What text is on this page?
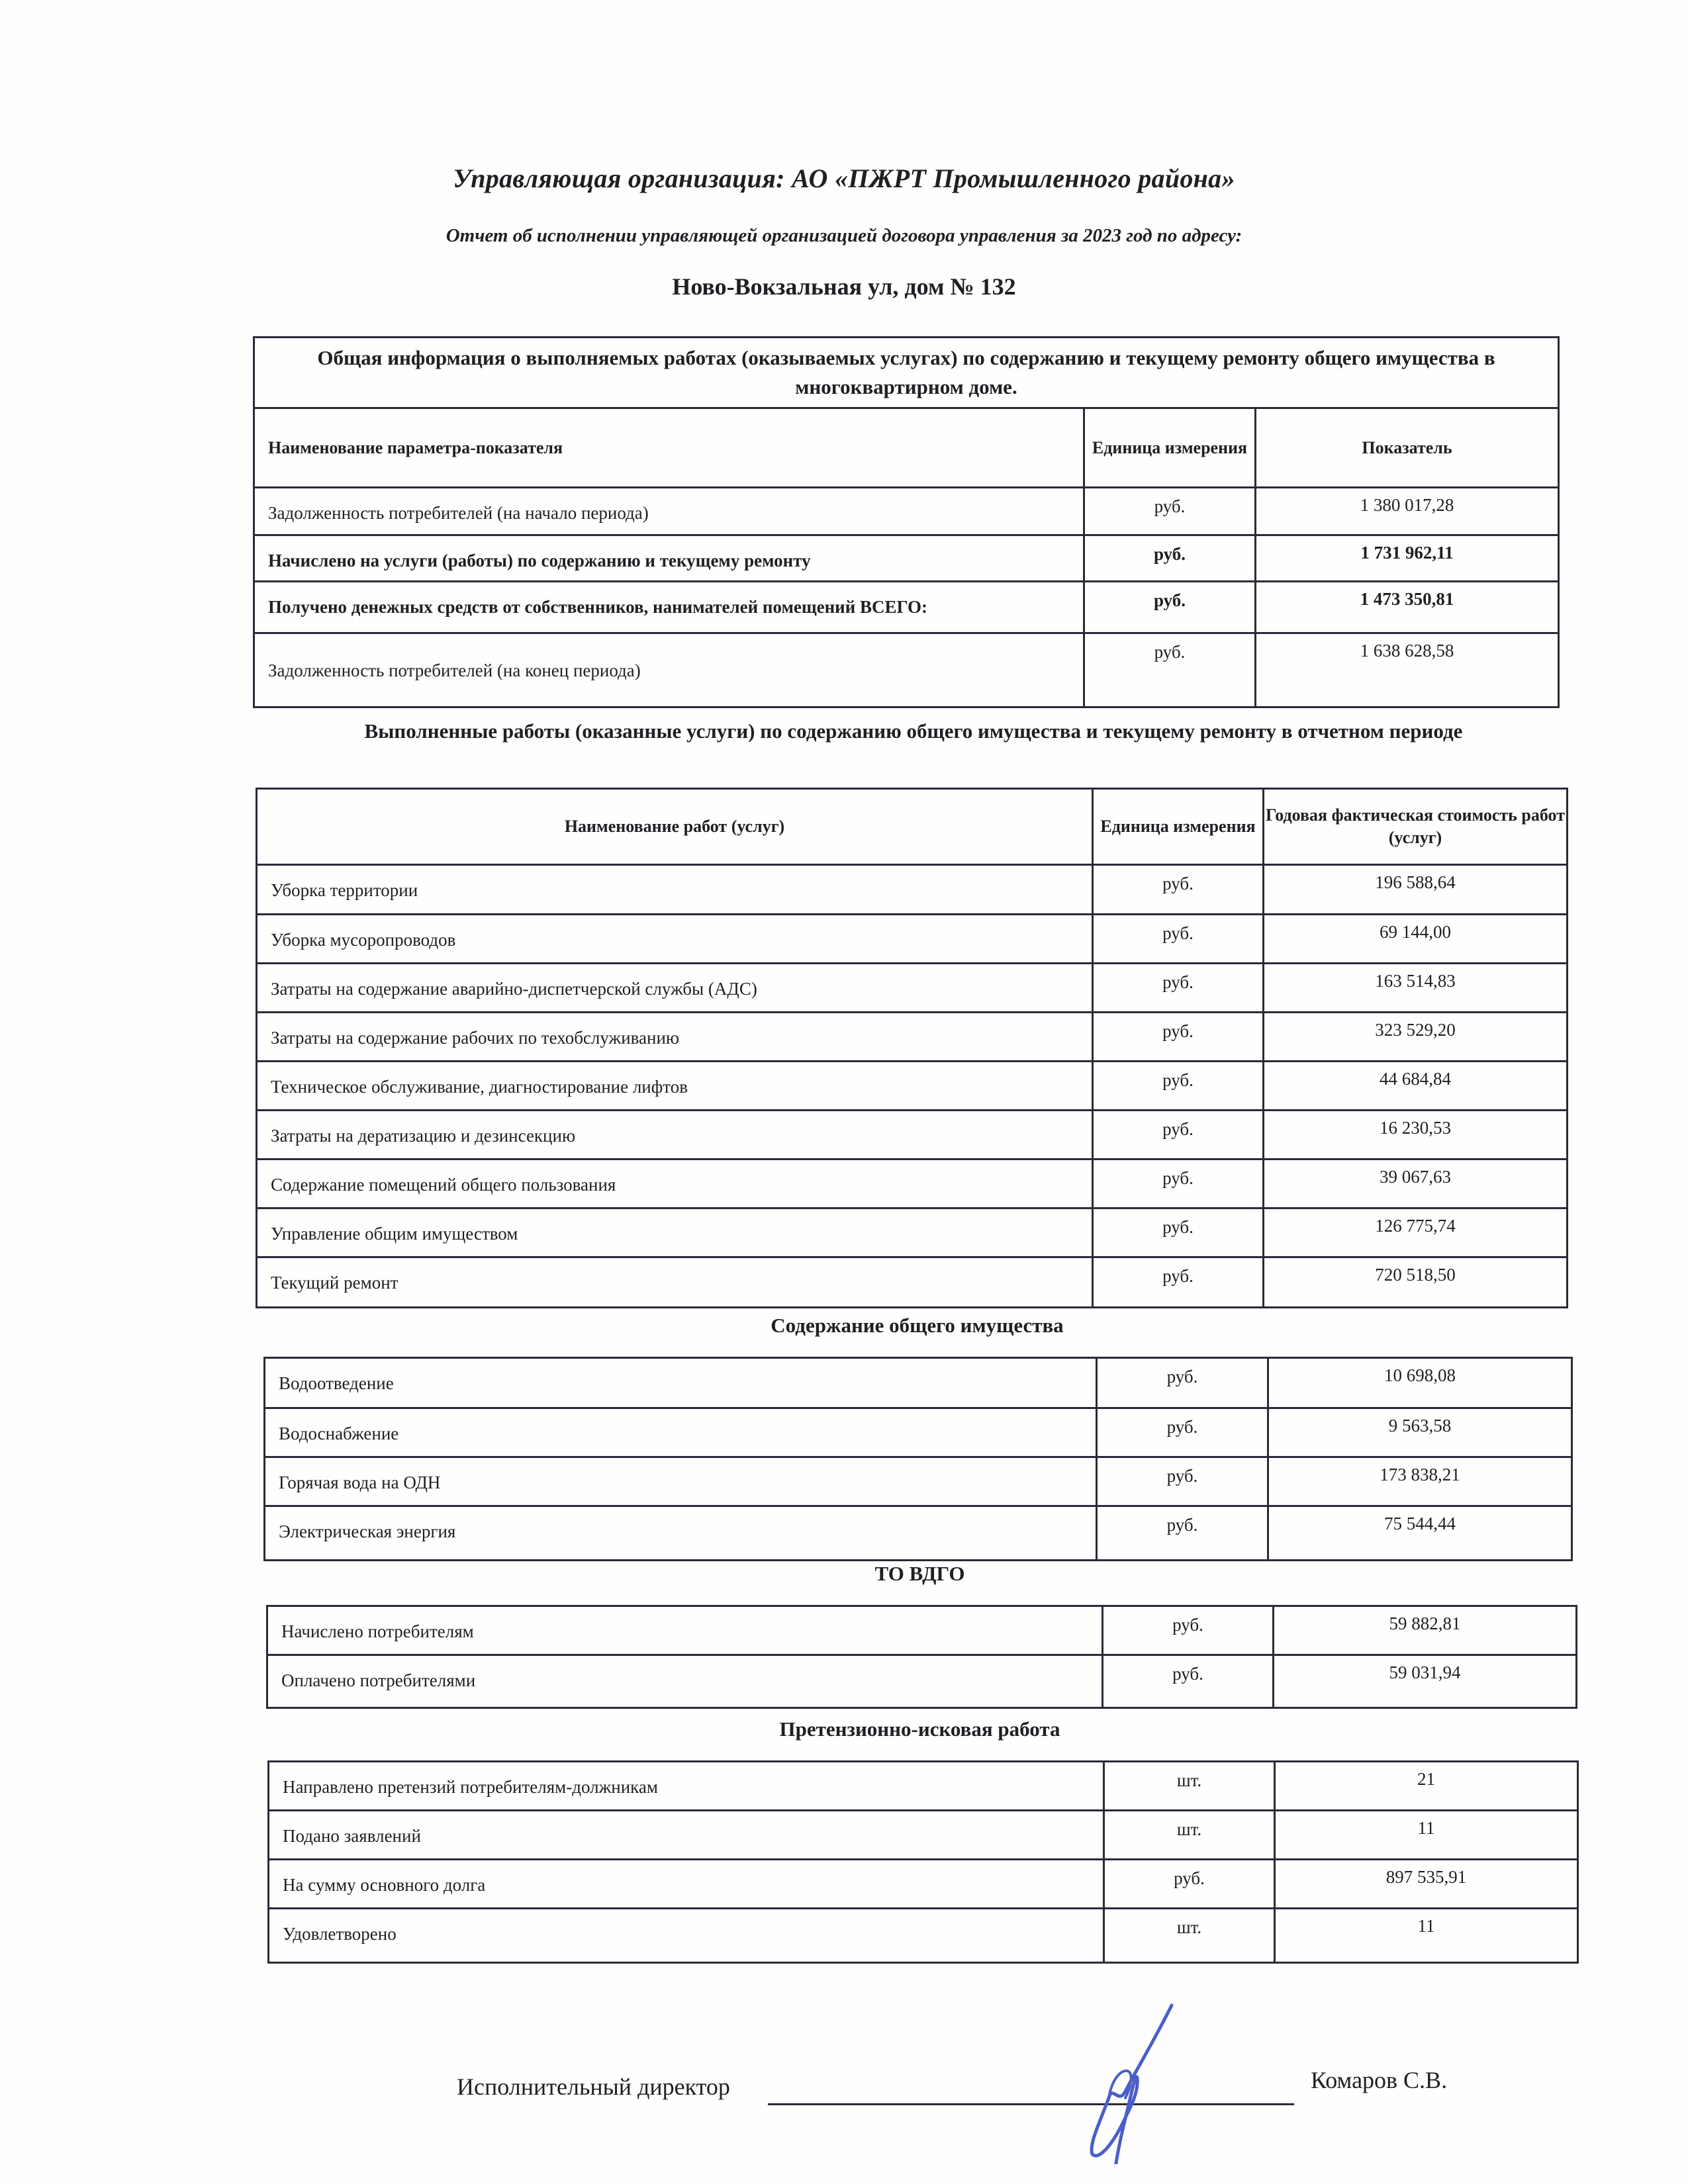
Управляющая организация: АО «ПЖРТ Промышленного района»
Отчет об исполнении управляющей организацией договора управления за 2023 год по адресу:
Ново-Вокзальная ул, дом № 132
Общая информация о выполняемых работах (оказываемых услугах) по содержанию и текущему ремонту общего имущества в многоквартирном доме.		
Наименование параметра-показателя	Единица измерения	Показатель
Задолженность потребителей (на начало периода)	руб.	1 380 017,28
Начислено на услуги (работы) по содержанию и текущему ремонту	руб.	1 731 962,11
Получено денежных средств от собственников, нанимателей помещений ВСЕГО:	руб.	1 473 350,81
Задолженность потребителей (на конец периода)	руб.	1 638 628,58
Выполненные работы (оказанные услуги) по содержанию общего имущества и текущему ремонту в отчетном периоде
Наименование работ (услуг)	Единица измерения	Годовая фактическая стоимость работ (услуг)
Уборка территории	руб.	196 588,64
Уборка мусоропроводов	руб.	69 144,00
Затраты на содержание аварийно-диспетчерской службы (АДС)	руб.	163 514,83
Затраты на содержание рабочих по техобслуживанию	руб.	323 529,20
Техническое обслуживание, диагностирование лифтов	руб.	44 684,84
Затраты на дератизацию и дезинсекцию	руб.	16 230,53
Содержание помещений общего пользования	руб.	39 067,63
Управление общим имуществом	руб.	126 775,74
Текущий ремонт	руб.	720 518,50
Содержание общего имущества
Водоотведение	руб.	10 698,08
Водоснабжение	руб.	9 563,58
Горячая вода на ОДН	руб.	173 838,21
Электрическая энергия	руб.	75 544,44
ТО ВДГО
Начислено потребителям	руб.	59 882,81
Оплачено потребителями	руб.	59 031,94
Претензионно-исковая работа
Направлено претензий потребителям-должникам	шт.	21
Подано заявлений	шт.	11
На сумму основного долга	руб.	897 535,91
Удовлетворено	шт.	11
Исполнительный директор	Комаров С.В.
